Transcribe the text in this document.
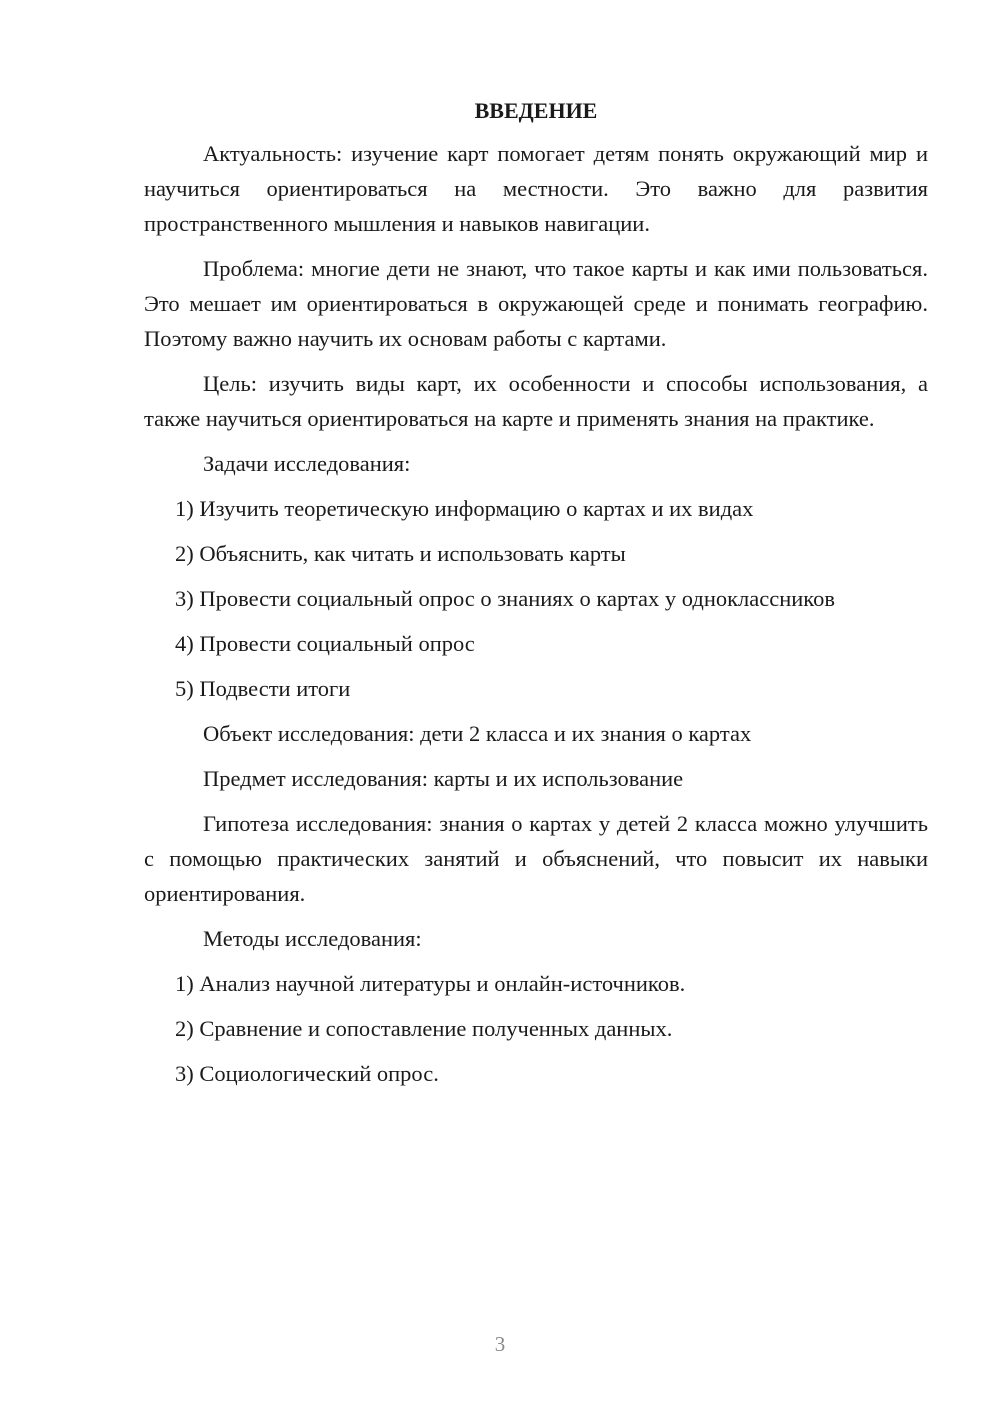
ВВЕДЕНИЕ

Актуальность: изучение карт помогает детям понять окружающий мир и научиться ориентироваться на местности. Это важно для развития пространственного мышления и навыков навигации.

Проблема: многие дети не знают, что такое карты и как ими пользоваться. Это мешает им ориентироваться в окружающей среде и понимать географию. Поэтому важно научить их основам работы с картами.

Цель: изучить виды карт, их особенности и способы использования, а также научиться ориентироваться на карте и применять знания на практике.

Задачи исследования:

1) Изучить теоретическую информацию о картах и их видах

2) Объяснить, как читать и использовать карты

3) Провести социальный опрос о знаниях о картах у одноклассников

4) Провести социальный опрос

5) Подвести итоги

Объект исследования: дети 2 класса и их знания о картах

Предмет исследования: карты и их использование

Гипотеза исследования: знания о картах у детей 2 класса можно улучшить с помощью практических занятий и объяснений, что повысит их навыки ориентирования.

Методы исследования:

1) Анализ научной литературы и онлайн-источников.

2) Сравнение и сопоставление полученных данных.

3) Социологический опрос.

3
